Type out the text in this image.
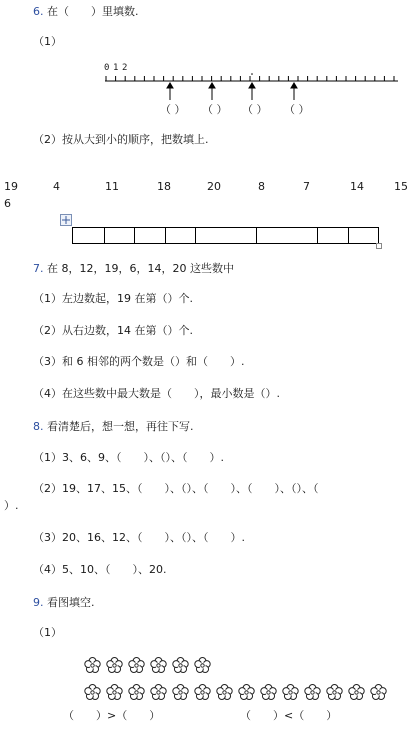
6. 在（　　）里填数.
（1）
0 1 2
（ ） （ ） （ ） （ ）
（2）按从大到小的顺序，把数填上.
19	4	11	18	20	8	7	14	15
6

7. 在 8，12，19，6，14，20 这些数中
（1）左边数起，19 在第（）个.
（2）从右边数，14 在第（）个.
（3）和 6 相邻的两个数是（）和（　　）.
（4）在这些数中最大数是（　　），最小数是（）.
8. 看清楚后，想一想，再往下写.
（1）3、6、9、（　　）、（）、（　　）.
（2）19、17、15、（　　）、（）、（　　）、（　　）、（）、（
）.
（3）20、16、12、（　　）、（）、（　　）.
（4）5、10、（　　）、20.
9. 看图填空.
（1）
（　　）>（　　）	（　　）<（　　）
